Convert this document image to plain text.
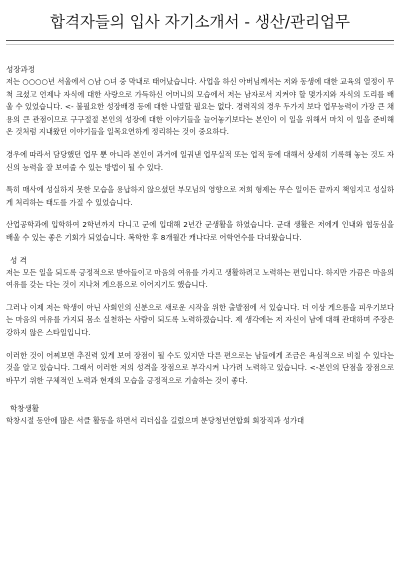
합격자들의 입사 자기소개서 - 생산/관리업무

성장과정

저는 ○○○○년 서울에서 ○남 ○녀 중 막내로 태어났습니다. 사업을 하신 아버님께서는 저와 동생에 대한 교육의 열정이 무척 크셨고 언제나 자식에 대한 사랑으로 가득하신 어머니의 모습에서 저는 남자로서 지켜야 할 몇가지와 자식의 도리를 배울 수 있었습니다. <- 불필요한 성장배경 등에 대한 나열할 필요는 없다. 경력직의 경우 두가지 보다 업무능력이 가장 큰 채용의 큰 관점이므로 구구절절 본인의 성장에 대한 이야기들을 늘어놓기보다는 본인이 이 일을 위해서 마치 이 일을 준비해온 것처럼 지내왔던 이야기들을 일목요연하게 정리하는 것이 중요하다.

경우에 따라서 담당했던 업무 뿐 아니라 본인이 과거에 일궈낸 업무실적 또는 업적 등에 대해서 상세히 기록해 놓는 것도 자신의 능력을 잘 보여줄 수 있는 방법이 될 수 있다.

특히 매사에 성실하지 못한 모습을 용납하지 않으셨던 부모님의 영향으로 저희 형제는 무슨 일이든 끝까지 책임지고 성실하게 처리하는 태도를 가질 수 있었습니다.

산업공학과에 입학하여 2학년까지 다니고 군에 입대해 2년간 군생활을 하였습니다. 군대 생활은 저에게 인내와 협동심을 배울 수 있는 좋은 기회가 되었습니다. 복학한 후 8개월간 캐나다로 어학연수를 다녀왔습니다.

성 격

저는 모든 일을 되도록 긍정적으로 받아들이고 마음의 여유를 가지고 생활하려고 노력하는 편입니다. 하지만 가끔은 마음의 여유를 갖는 다는 것이 지나쳐 게으름으로 이어지기도 했습니다.

그러나 이제 저는 학생이 아닌 사회인의 신분으로 새로운 시작을 위한 출발점에 서 있습니다. 더 이상 게으름을 피우기보다는 마음의 여유를 가지되 몸소 실천하는 사람이 되도록 노력하겠습니다. 제 생각에는 저 자신이 남에 대해 관대하며 주장은 강하지 않은 스타일입니다.

이러한 것이 어찌보면 추진력 있게 보여 장점이 될 수도 있지만 다른 편으로는 남들에게 조금은 욕심적으로 비칠 수 있다는 것을 알고 있습니다. 그래서 이러한 저의 성격을 장점으로 부각시켜 나가려 노력하고 있습니다. <-본인의 단점을 장점으로 바꾸기 위한 구체적인 노력과 현재의 모습을 긍정적으로 기술하는 것이 좋다.

학창생활

학창시절 동안에 많은 서클 활동을 하면서 리더십을 길렀으며 분당청년연합회 회장직과 성가대
